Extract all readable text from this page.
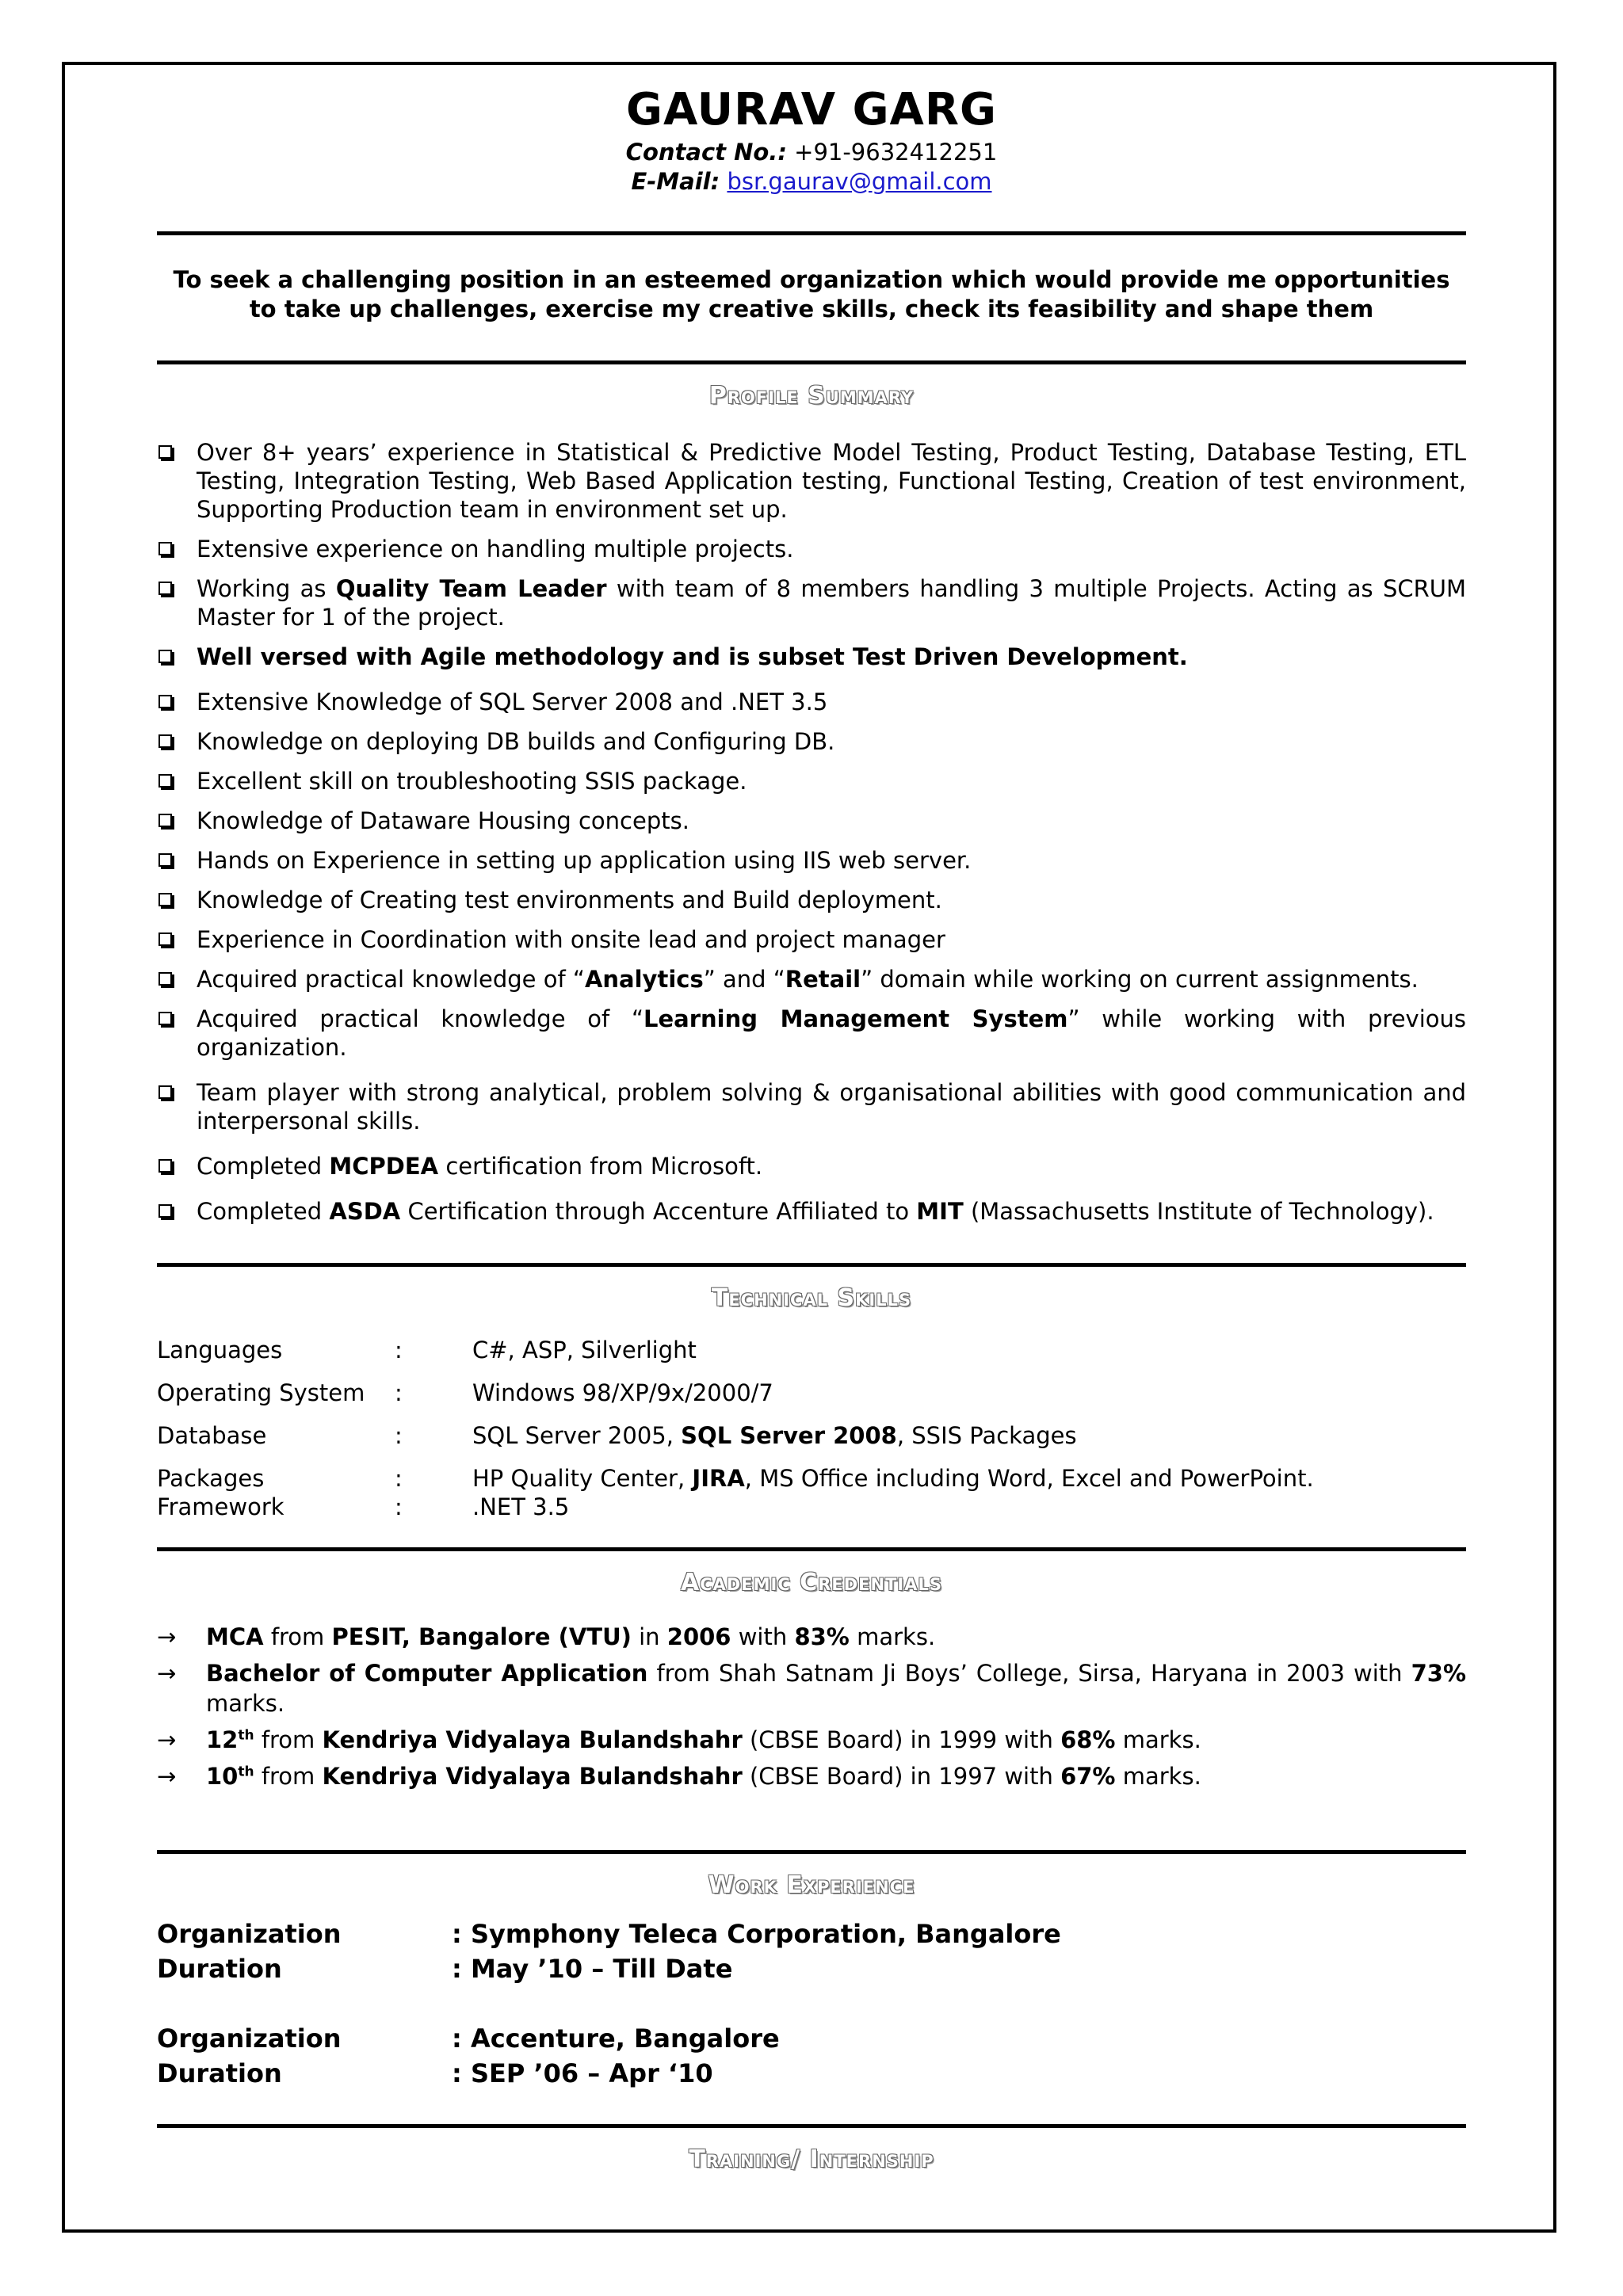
GAURAV GARG
Contact No.: +91-9632412251
E-Mail: bsr.gaurav@gmail.com
To seek a challenging position in an esteemed organization which would provide me opportunities
to take up challenges, exercise my creative skills, check its feasibility and shape them
Profile Summary
Over 8+ years’ experience in Statistical & Predictive Model Testing, Product Testing, Database Testing, ETL Testing, Integration Testing, Web Based Application testing, Functional Testing, Creation of test environment, Supporting Production team in environment set up.
Extensive experience on handling multiple projects.
Working as Quality Team Leader with team of 8 members handling 3 multiple Projects. Acting as SCRUM Master for 1 of the project.
Well versed with Agile methodology and is subset Test Driven Development.
Extensive Knowledge of SQL Server 2008 and .NET 3.5
Knowledge on deploying DB builds and Configuring DB.
Excellent skill on troubleshooting SSIS package.
Knowledge of Dataware Housing concepts.
Hands on Experience in setting up application using IIS web server.
Knowledge of Creating test environments and Build deployment.
Experience in Coordination with onsite lead and project manager
Acquired practical knowledge of “Analytics” and “Retail” domain while working on current assignments.
Acquired practical knowledge of “Learning Management System” while working with previous organization.
Team player with strong analytical, problem solving & organisational abilities with good communication and interpersonal skills.
Completed MCPDEA certification from Microsoft.
Completed ASDA Certification through Accenture Affiliated to MIT (Massachusetts Institute of Technology).
Technical Skills
Languages	:	C#, ASP, Silverlight
Operating System	:	Windows 98/XP/9x/2000/7
Database	:	SQL Server 2005, SQL Server 2008, SSIS Packages
Packages	:	HP Quality Center, JIRA, MS Office including Word, Excel and PowerPoint.
Framework	:	.NET 3.5
Academic Credentials
→ MCA from PESIT, Bangalore (VTU) in 2006 with 83% marks.
→ Bachelor of Computer Application from Shah Satnam Ji Boys’ College, Sirsa, Haryana in 2003 with 73% marks.
→ 12th from Kendriya Vidyalaya Bulandshahr (CBSE Board) in 1999 with 68% marks.
→ 10th from Kendriya Vidyalaya Bulandshahr (CBSE Board) in 1997 with 67% marks.
Work Experience
Organization	: Symphony Teleca Corporation, Bangalore
Duration	: May ’10 – Till Date

Organization	: Accenture, Bangalore
Duration	: SEP ’06 – Apr ‘10
Training/ Internship
